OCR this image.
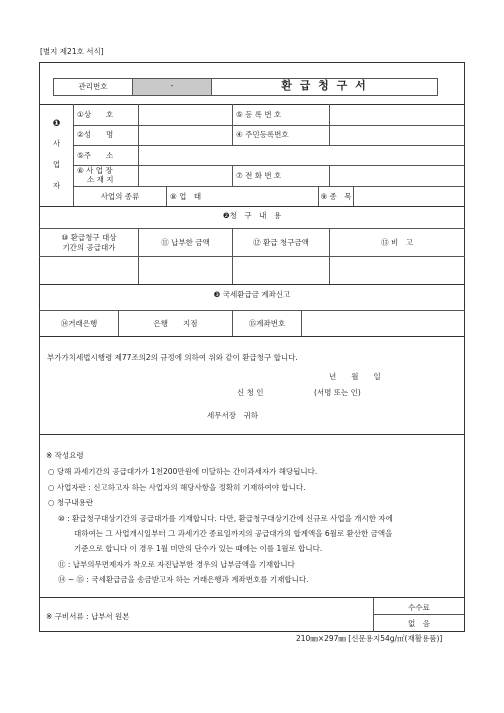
[별지 제21호 서식]
관리번호	-	환 급 청 구 서
❶
사
업
자
①상　　호	⑤ 등 록 번 호
②성　　명	④ 주민등록번호
⑤주　　소
⑥ 사 업 장
소 재 지	⑦ 전 화 번 호
사업의 종류	⑧ 업　태	⑨ 종　목
❷청　구　내　용
⑩ 환급청구 대상
기간의 공급대가
⑪ 납부한 금액	⑫ 환급 청구금액	⑬ 비　고
❸ 국세환급금 계좌신고
⑭거래은행	은행　　지점	⑮계좌번호
부가가치세법시행령 제77조의2의 규정에 의하여 위와 같이 환급청구 합니다.
년　　월　　일
신 청 인	(서명 또는 인)
세무서장　귀하
※ 작성요령
○ 당해 과세기간의 공급대가가 1천200만원에 미달하는 간이과세자가 해당됩니다.
○ 사업자란 : 신고하고자 하는 사업자의 해당사항을 정확히 기재하여야 합니다.
○ 청구내용란
⑩ : 환급청구대상기간의 공급대가를 기재합니다. 다만, 환급청구대상기간에 신규로 사업을 개시한 자에
대하여는 그 사업개시일부터 그 과세기간 종료일까지의 공급대가의 합계액을 6월로 환산한 금액을
기준으로 합니다 이 경우 1월 미만의 단수가 있는 때에는 이를 1월로 합니다.
⑪ : 납부의무면제자가 착오로 자진납부한 경우의 납부금액을 기재합니다
⑭ ~ ⑮ : 국세환급금을 송금받고자 하는 거래은행과 계좌번호를 기재합니다.
※ 구비서류 : 납부서 원본
수수료
없　음
210㎜×297㎜ [신문용지54g/㎡(재활용품)]
